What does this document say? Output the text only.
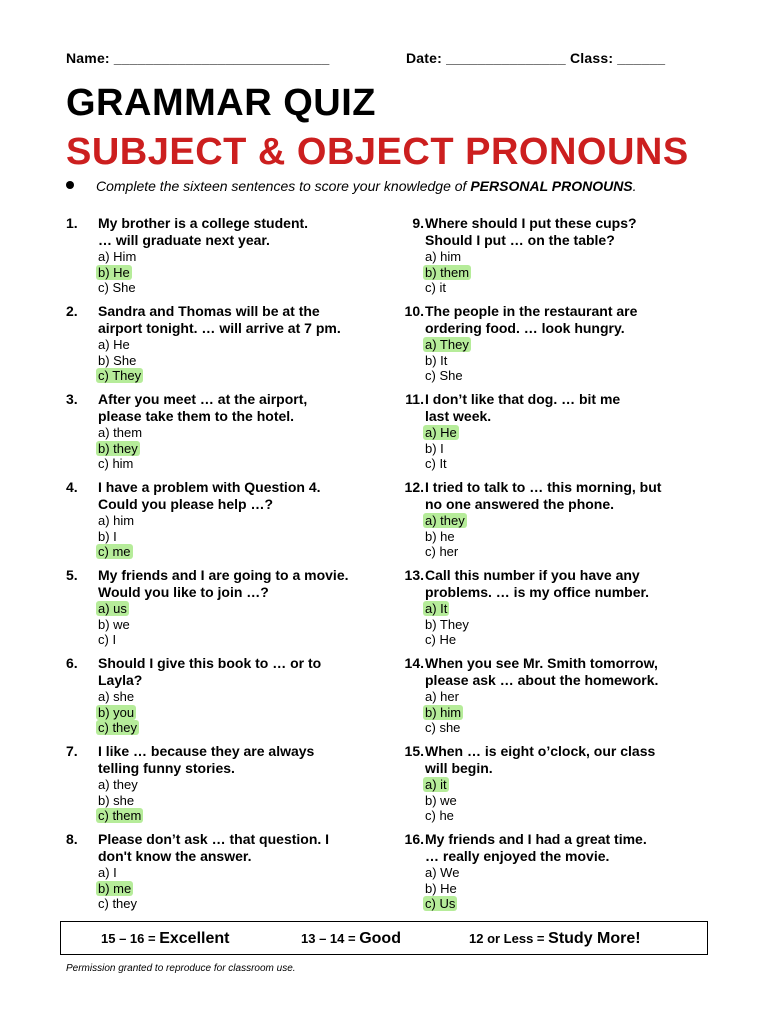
Name: ___________________________	Date: _______________ Class: ______
GRAMMAR QUIZ
SUBJECT & OBJECT PRONOUNS
Complete the sixteen sentences to score your knowledge of PERSONAL PRONOUNS.
1.	My brother is a college student.
… will graduate next year.
a) Him
b) He
c) She
2.	Sandra and Thomas will be at the
airport tonight. … will arrive at 7 pm.
a) He
b) She
c) They
3.	After you meet … at the airport,
please take them to the hotel.
a) them
b) they
c) him
4.	I have a problem with Question 4.
Could you please help …?
a) him
b) I
c) me
5.	My friends and I are going to a movie.
Would you like to join …?
a) us
b) we
c) I
6.	Should I give this book to … or to
Layla?
a) she
b) you
c) they
7.	I like … because they are always
telling funny stories.
a) they
b) she
c) them
8.	Please don’t ask … that question. I
don't know the answer.
a) I
b) me
c) they
9. Where should I put these cups?
Should I put … on the table?
a) him
b) them
c) it
10. The people in the restaurant are
ordering food. … look hungry.
a) They
b) It
c) She
11. I don’t like that dog. … bit me
last week.
a) He
b) I
c) It
12. I tried to talk to … this morning, but
no one answered the phone.
a) they
b) he
c) her
13. Call this number if you have any
problems. … is my office number.
a) It
b) They
c) He
14. When you see Mr. Smith tomorrow,
please ask … about the homework.
a) her
b) him
c) she
15. When … is eight o’clock, our class
will begin.
a) it
b) we
c) he
16. My friends and I had a great time.
… really enjoyed the movie.
a) We
b) He
c) Us
15 – 16 = Excellent	13 – 14 = Good	12 or Less = Study More!
Permission granted to reproduce for classroom use.
